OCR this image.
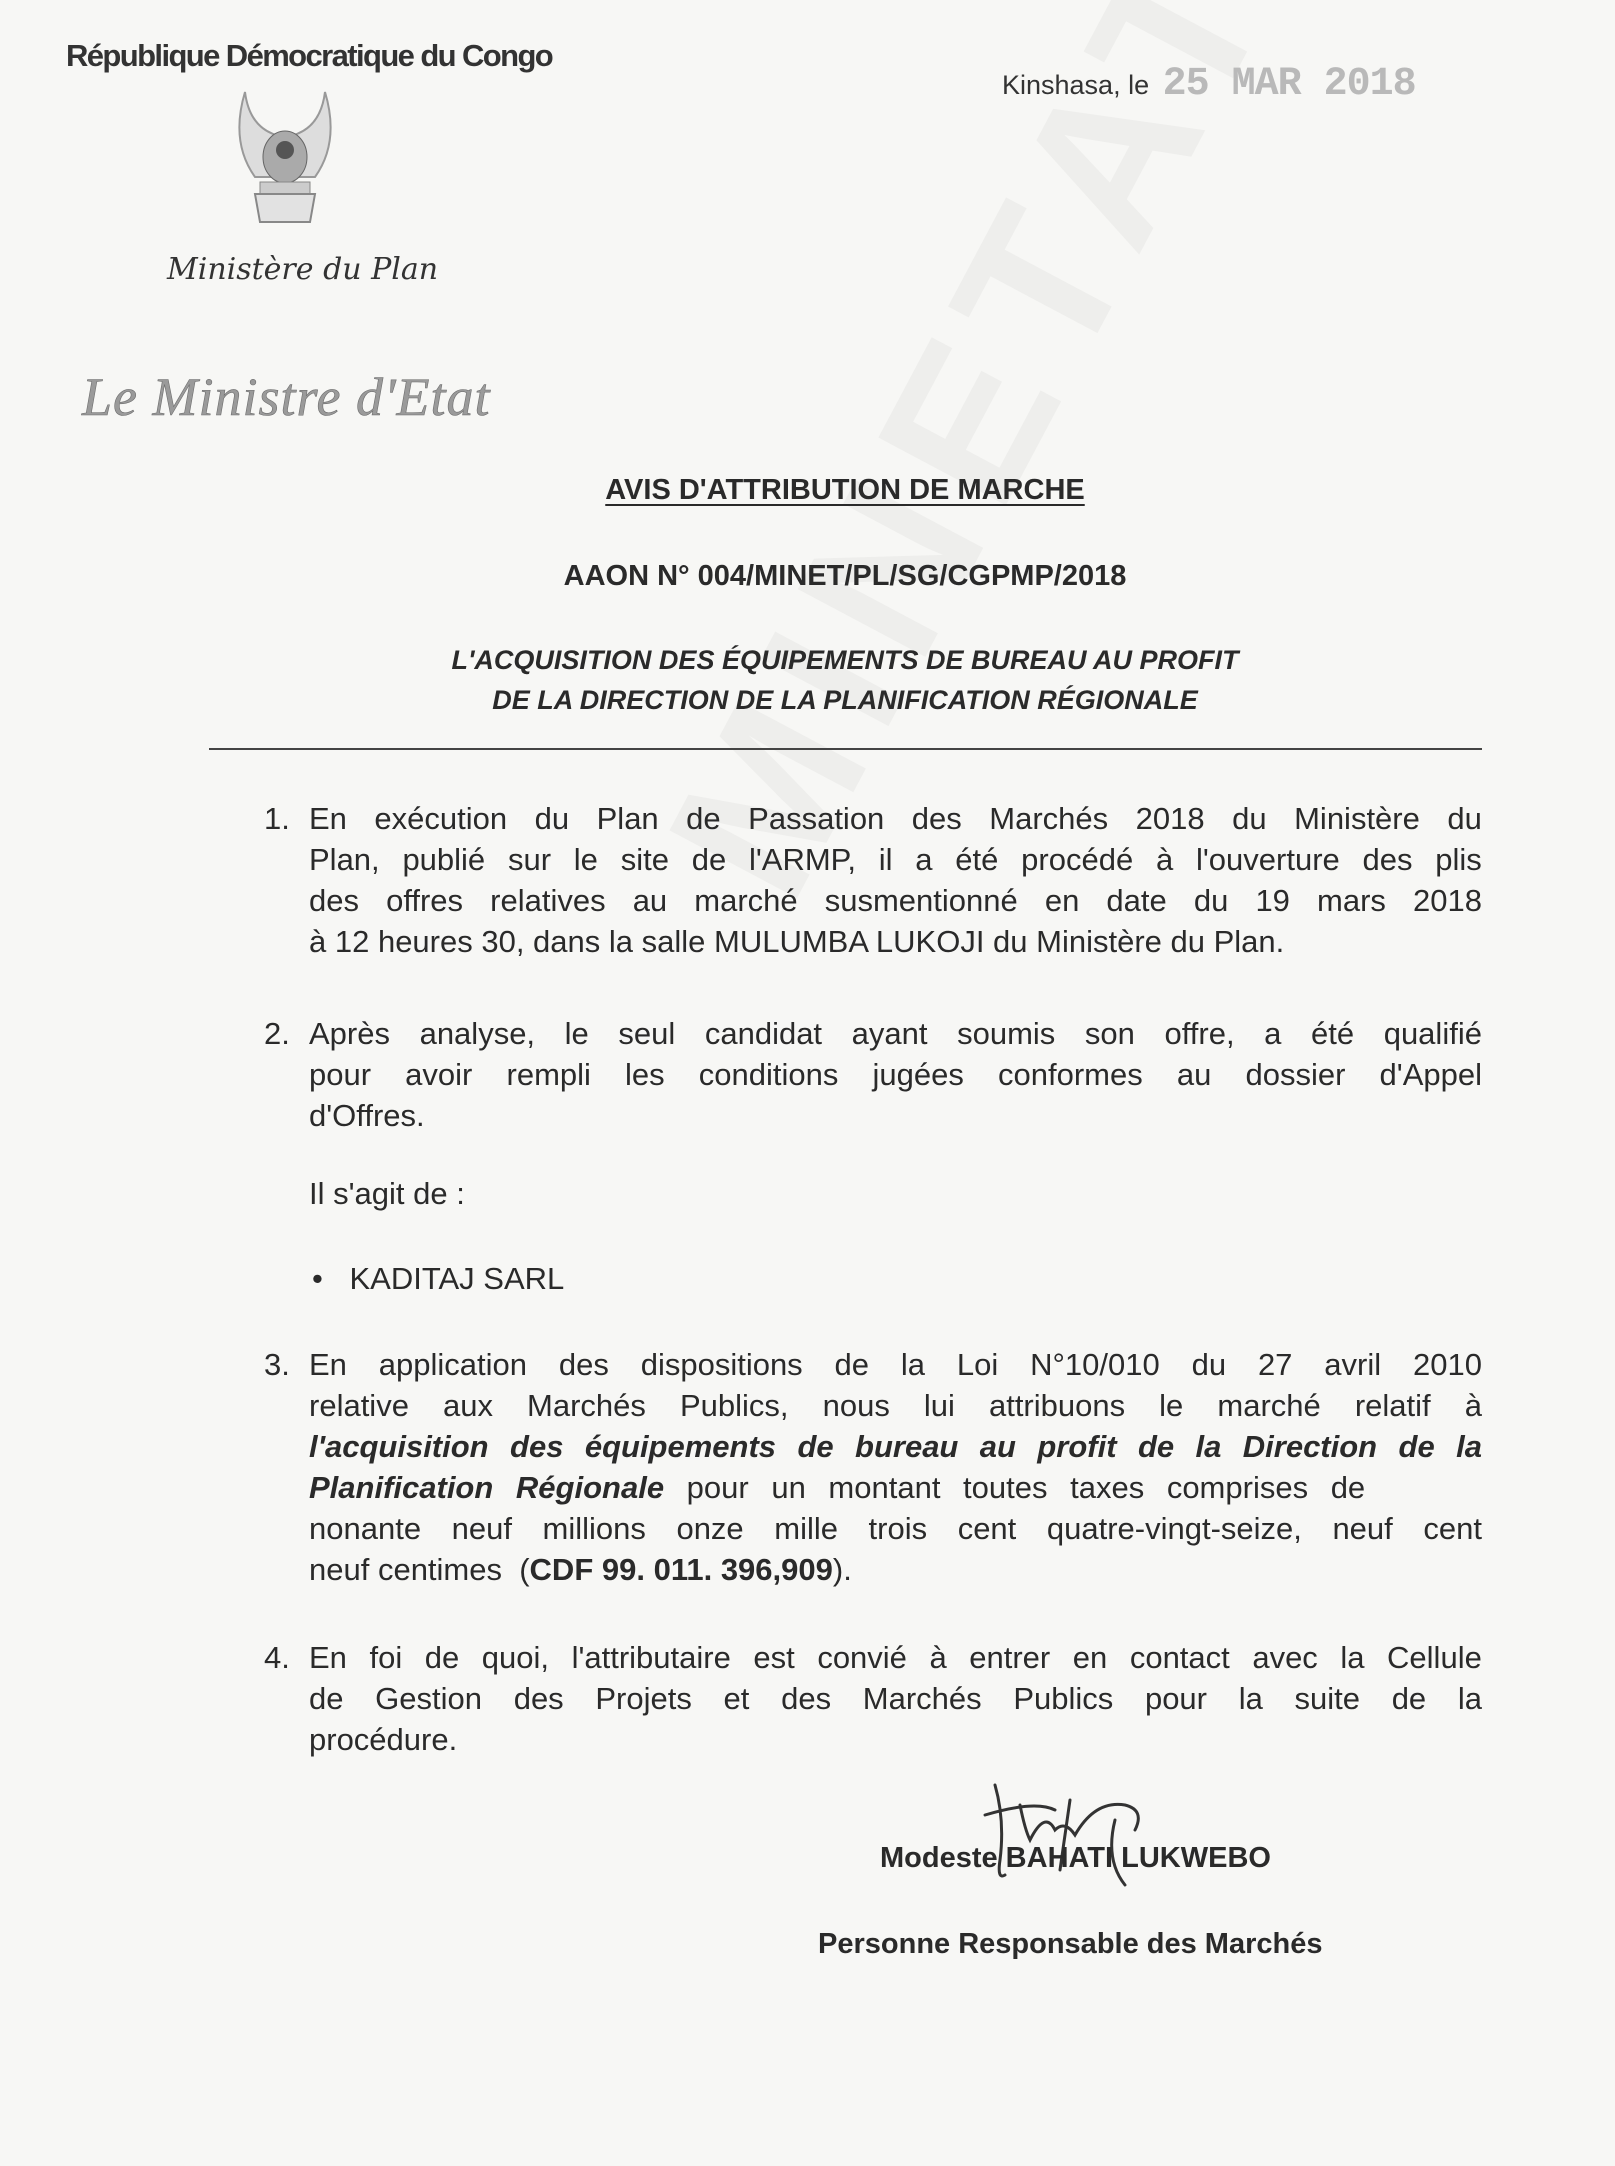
République Démocratique du Congo
Kinshasa, le 25 MAR 2018
Ministère du Plan
Le Ministre d'Etat
AVIS D'ATTRIBUTION DE MARCHE
AAON N° 004/MINET/PL/SG/CGPMP/2018
L'ACQUISITION DES ÉQUIPEMENTS DE BUREAU AU PROFIT
DE LA DIRECTION DE LA PLANIFICATION RÉGIONALE
1. En exécution du Plan de Passation des Marchés 2018 du Ministère du
Plan, publié sur le site de l'ARMP, il a été procédé à l'ouverture des plis
des offres relatives au marché susmentionné en date du 19 mars 2018
à 12 heures 30, dans la salle MULUMBA LUKOJI du Ministère du Plan.
2. Après analyse, le seul candidat ayant soumis son offre, a été qualifié
pour avoir rempli les conditions jugées conformes au dossier d'Appel
d'Offres.
Il s'agit de :
• KADITAJ SARL
3. En application des dispositions de la Loi N°10/010 du 27 avril 2010
relative aux Marchés Publics, nous lui attribuons le marché relatif à
l'acquisition des équipements de bureau au profit de la Direction de la
Planification Régionale pour un montant toutes taxes comprises de
nonante neuf millions onze mille trois cent quatre-vingt-seize, neuf cent
neuf centimes  (CDF 99. 011. 396,909).
4. En foi de quoi, l'attributaire est convié à entrer en contact avec la Cellule
de Gestion des Projets et des Marchés Publics pour la suite de la
procédure.
Modeste BAHATI LUKWEBO
Personne Responsable des Marchés
